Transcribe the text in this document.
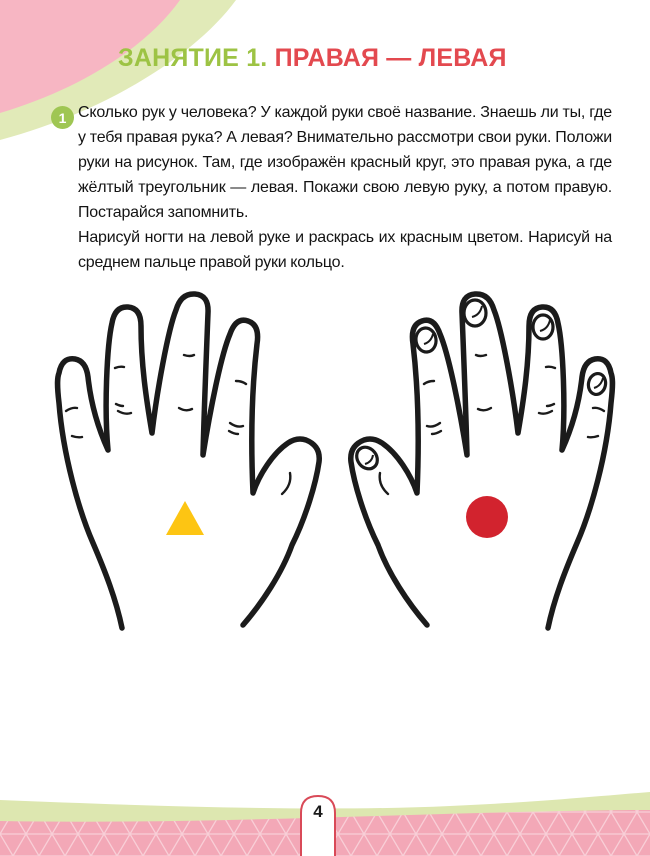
ЗАНЯТИЕ 1. ПРАВАЯ — ЛЕВАЯ
1 Сколько рук у человека? У каждой руки своё название. Знаешь ли ты, где у тебя правая рука? А левая? Внимательно рассмотри свои руки. Положи руки на рисунок. Там, где изображён красный круг, это правая рука, а где жёлтый треугольник — левая. Покажи свою левую руку, а потом правую. Постарайся запомнить.

Нарисуй ногти на левой руке и раскрась их красным цветом. Нарисуй на среднем пальце правой руки кольцо.

4
